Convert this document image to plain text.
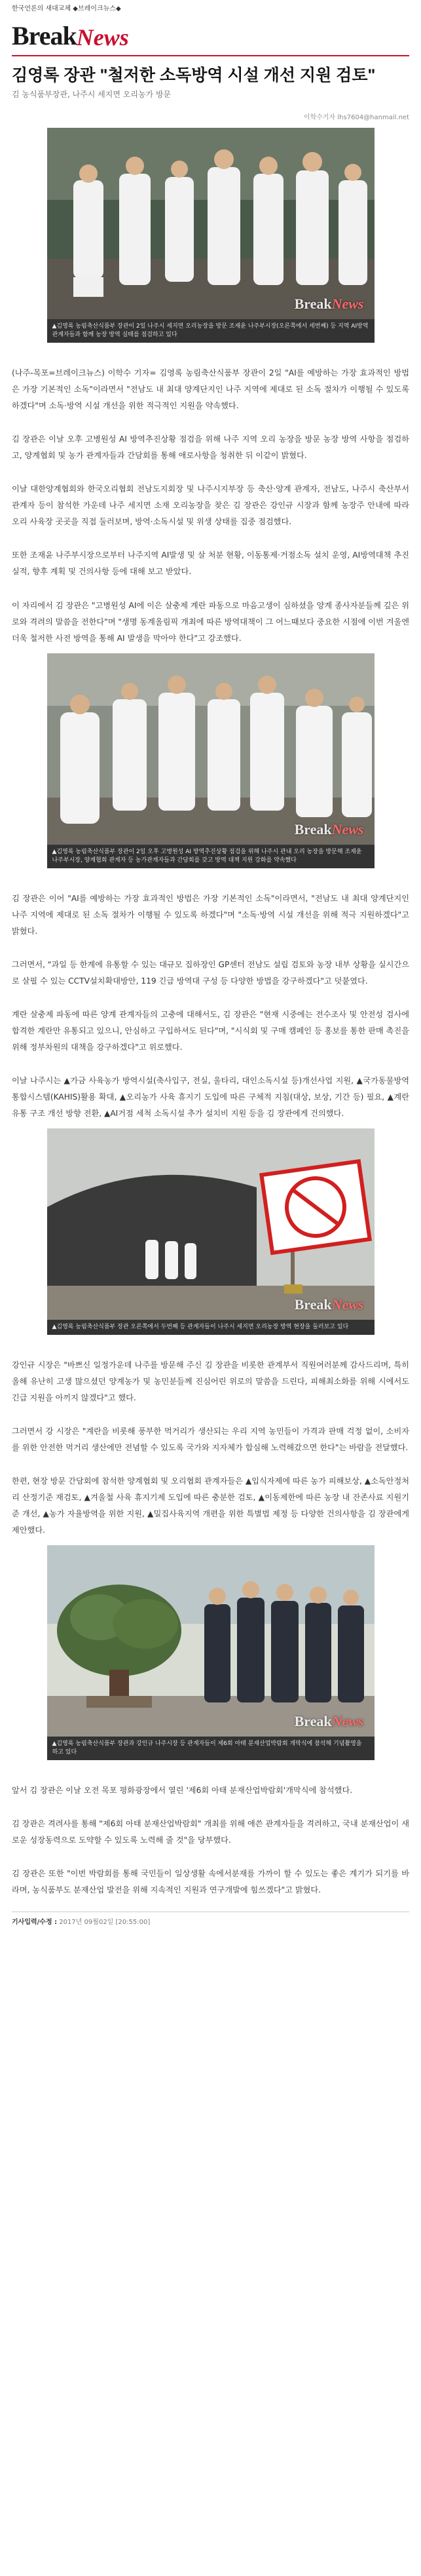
한국언론의 새대교체 ◆브레이크뉴스◆
Break News
김영록 장관 "철저한 소독방역 시설 개선 지원 검토"
김 농식품부장관, 나주시 세지면 오리농가 방문
이학수기자 lhs7604@hanmail.net
BreakNews
▲김영록 농림축산식품부 장관이 2일 나주시 세지면 오리농장을 방문 조재윤 나주부시장(오른쪽에서 세번째) 등 지역 AI방역 관계자들과 함께 농장 방역 실태를 점검하고 있다

(나주-목포=브레이크뉴스) 이학수 기자= 김영록 농림축산식품부 장관이 2일 "AI를 예방하는 가장 효과적인 방법은 가장 기본적인 소독"이라면서 "전남도 내 최대 양계단지인 나주 지역에 제대로 된 소독 절차가 이행될 수 있도록 하겠다"며 소독·방역 시설 개선을 위한 적극적인 지원을 약속했다.

김 장관은 이날 오후 고병원성 AI 방역추진상황 점검을 위해 나주 지역 오리 농장을 방문 농장 방역 사항을 점검하고, 양계협회 및 농가 관계자들과 간담회를 통해 애로사항을 청취한 뒤 이같이 밝혔다.

이날 대한양계협회와 한국오리협회 전남도지회장 및 나주시지부장 등 축산·양계 관계자, 전남도, 나주시 축산부서 관계자 등이 참석한 가운데 나주 세지면 소재 오리농장을 찾은 김 장관은 강인규 시장과 함께 농장주 안내에 따라 오리 사육장 곳곳을 직접 둘러보며, 방역·소독시설 및 위생 상태를 집중 점검했다.

또한 조재윤 나주부시장으로부터 나주지역 AI발생 및 살 처분 현황, 이동통제·거점소독 설치 운영, AI방역대책 추진실적, 향후 계획 및 건의사항 등에 대해 보고 받았다.

이 자리에서 김 장관은 "고병원성 AI에 이은 살충제 계란 파동으로 마음고생이 심하셨을 양계 종사자분들께 깊은 위로와 격려의 말씀을 전한다"며 "생명 동계올림픽 개최에 따른 방역대책이 그 어느때보다 중요한 시점에 이번 겨울엔 더욱 철저한 사전 방역을 통해 AI 발생을 막아야 한다"고 강조했다.

BreakNews
▲김영록 농림축산식품부 장관이 2일 오후 고병원성 AI 방역추진상황 점검을 위해 나주시 관내 오리 농장을 방문해 조재윤 나주부시장, 양계협회 관계자 등 농가관계자들과 간담회를 갖고 방역 대책 지원 강화를 약속했다

김 장관은 이어 "AI를 예방하는 가장 효과적인 방법은 가장 기본적인 소독"이라면서, "전남도 내 최대 양계단지인 나주 지역에 제대로 된 소독 절차가 이행될 수 있도록 하겠다"며 "소독·방역 시설 개선을 위해 적극 지원하겠다"고 밝혔다.

그러면서, "과일 등 한계에 유통할 수 있는 대규모 집하장인 GP센터 전남도 설립 검토와 농장 내부 상황을 실시간으로 살필 수 있는 CCTV설치확대방안, 119 긴급 방역대 구성 등 다양한 방법을 강구하겠다"고 덧붙였다.

계란 살충제 파동에 따른 양계 관계자들의 고충에 대해서도, 김 장관은 "현재 시중에는 전수조사 및 안전성 검사에 합격한 계란만 유통되고 있으니, 안심하고 구입하셔도 된다"며, "시식회 및 구매 캠페인 등 홍보를 통한 판매 촉진을 위해 정부차원의 대책을 강구하겠다"고 위로했다.

이날 나주시는 ▲가금 사육농가 방역시설(축사입구, 전실, 울타리, 대인소독시설 등)개선사업 지원, ▲국가동물방역통합시스템(KAHIS)활용 확대, ▲오리농가 사육 휴지기 도입에 따른 구체적 지침(대상, 보상, 기간 등) 필요, ▲계란 유통 구조 개선 방향 전환, ▲AI거점 세척 소독시설 추가 설치비 지원 등을 김 장관에게 건의했다.

BreakNews
▲김영록 농림축산식품부 장관 오른쪽에서 두번째 등 관계자들이 나주시 세지면 오리농장 방역 현장을 둘러보고 있다

강인규 시장은 "바쁘신 일정가운데 나주를 방문해 주신 김 장관을 비롯한 관계부서 직원여러분께 감사드리며, 특히 올해 유난히 고생 많으셨던 양계농가 및 농민분들께 진심어린 위로의 말씀을 드린다, 피해최소화를 위해 시에서도 긴급 지원을 아끼지 않겠다"고 했다.

그러면서 강 시장은 "계란을 비롯해 풍부한 먹거리가 생산되는 우리 지역 농민들이 가격과 판매 걱정 없이, 소비자를 위한 안전한 먹거리 생산에만 전념할 수 있도록 국가와 지자체가 합심해 노력해갔으면 한다"는 바람을 전달했다.

한편, 현장 방문 간담회에 참석한 양계협회 및 오리협회 관계자들은 ▲입식자제에 따른 농가 피해보상, ▲소독안정처리 산정기준 재검토, ▲겨울철 사육 휴지기제 도입에 따른 충분한 검토, ▲이동제한에 따른 농장 내 잔존사료 지원기준 개선, ▲농가 자율방역을 위한 지원, ▲밀집사육지역 개편을 위한 특별법 제정 등 다양한 건의사항을 김 장관에게 제안했다.

BreakNews
▲김영록 농림축산식품부 장관과 강인규 나주시장 등 관계자들이 제6회 아태 분재산업박람회 개막식에 참석해 기념촬영을 하고 있다

앞서 김 장관은 이날 오전 목포 평화광장에서 열린 '제6회 아태 분재산업박람회'개막식에 참석했다.

김 장관은 격려사를 통해 "제6회 아태 분재산업박람회" 개최를 위해 애쓴 관계자들을 격려하고, 국내 분재산업이 새로운 성장동력으로 도약할 수 있도록 노력해 줄 것"을 당부했다.

김 장관은 또한 "이번 박람회를 통해 국민들이 일상생활 속에서분재를 가까이 할 수 있도는 좋은 계기가 되기를 바라며, 농식품부도 분재산업 발전을 위해 지속적인 지원과 연구개발에 힘쓰겠다"고 밝혔다.

기사입력/수정 : 2017년 09월02일 [20:55:00]
